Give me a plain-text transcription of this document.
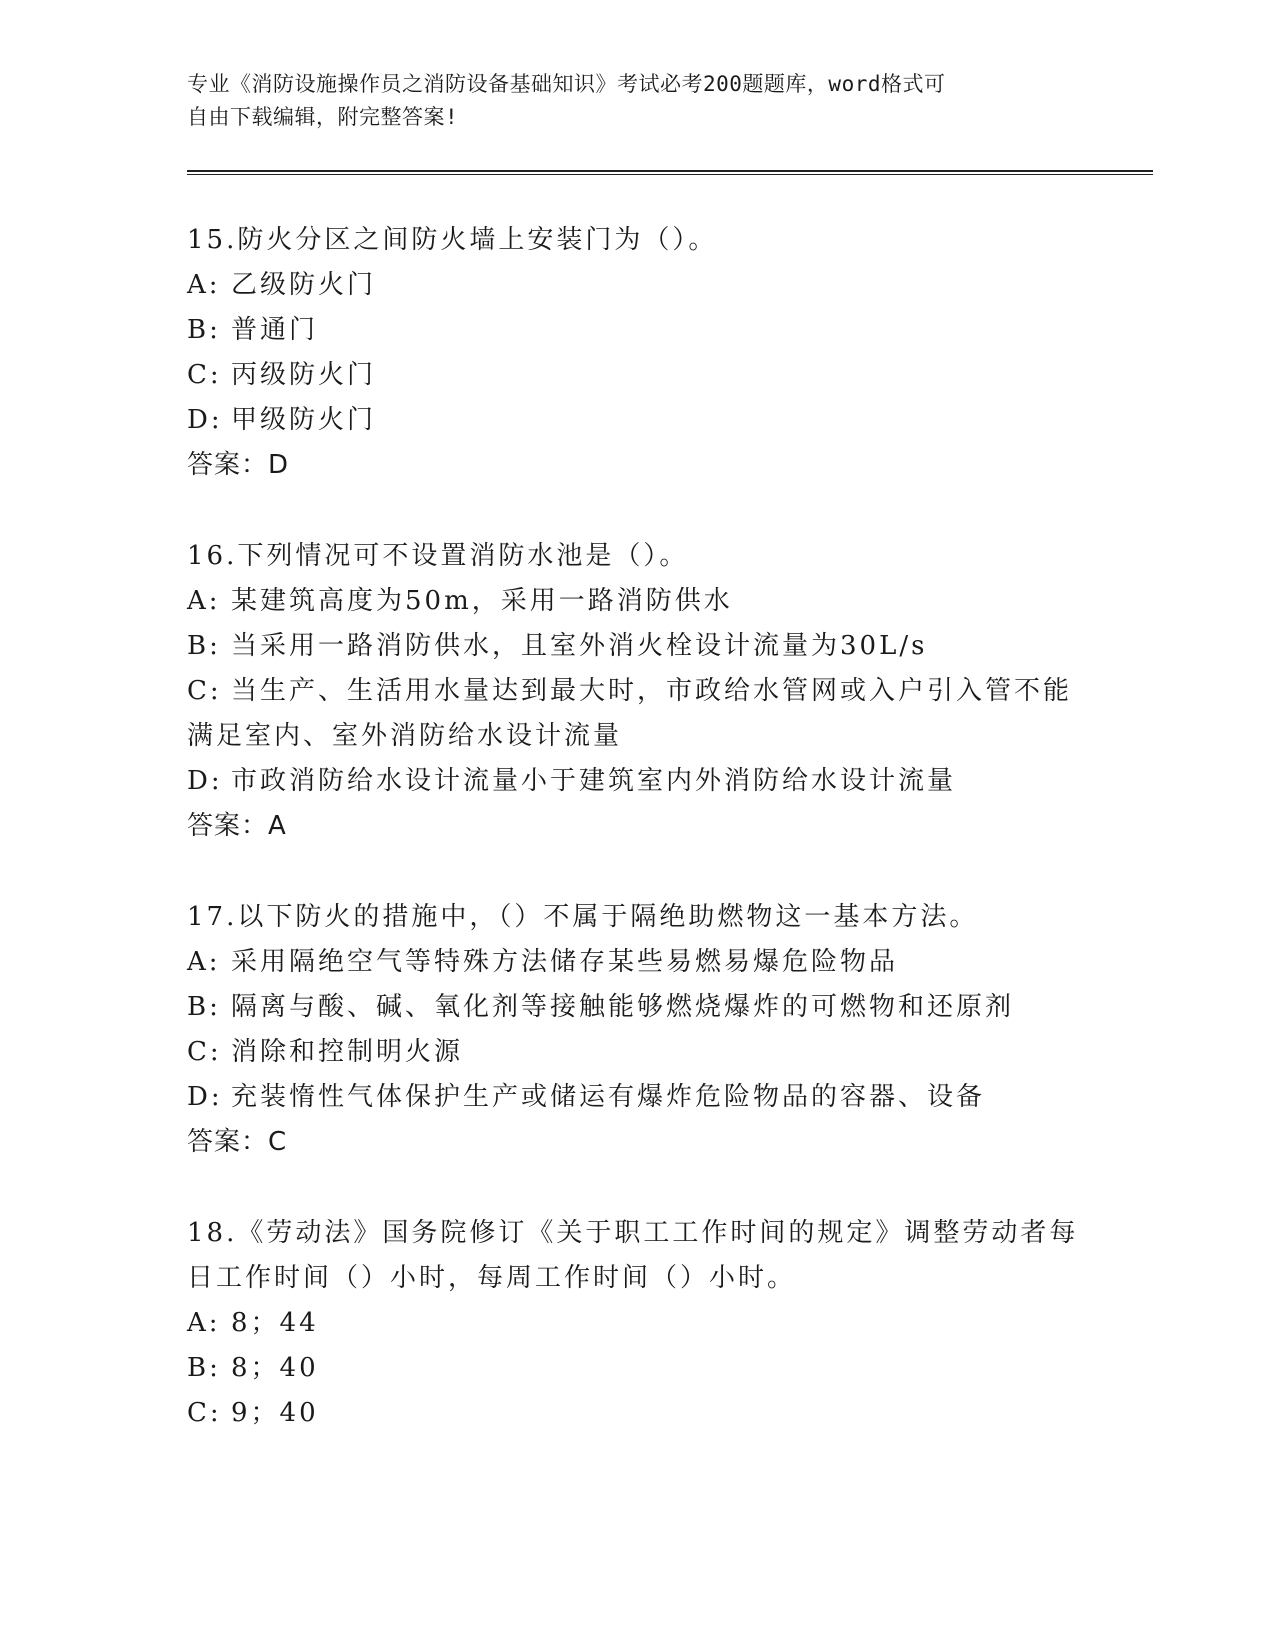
专业《消防设施操作员之消防设备基础知识》考试必考200题题库，word格式可

自由下载编辑，附完整答案!

15.防火分区之间防火墙上安装门为（）。

A: 乙级防火门

B: 普通门

C: 丙级防火门

D: 甲级防火门

答案：D

16.下列情况可不设置消防水池是（）。

A: 某建筑高度为50m，采用一路消防供水

B: 当采用一路消防供水，且室外消火栓设计流量为30L/s

C: 当生产、生活用水量达到最大时，市政给水管网或入户引入管不能满足室内、室外消防给水设计流量

D: 市政消防给水设计流量小于建筑室内外消防给水设计流量

答案：A

17.以下防火的措施中，（）不属于隔绝助燃物这一基本方法。

A: 采用隔绝空气等特殊方法储存某些易燃易爆危险物品

B: 隔离与酸、碱、氧化剂等接触能够燃烧爆炸的可燃物和还原剂

C: 消除和控制明火源

D: 充装惰性气体保护生产或储运有爆炸危险物品的容器、设备

答案：C

18.《劳动法》国务院修订《关于职工工作时间的规定》调整劳动者每日工作时间（）小时，每周工作时间（）小时。

A: 8；44

B: 8；40

C: 9；40
